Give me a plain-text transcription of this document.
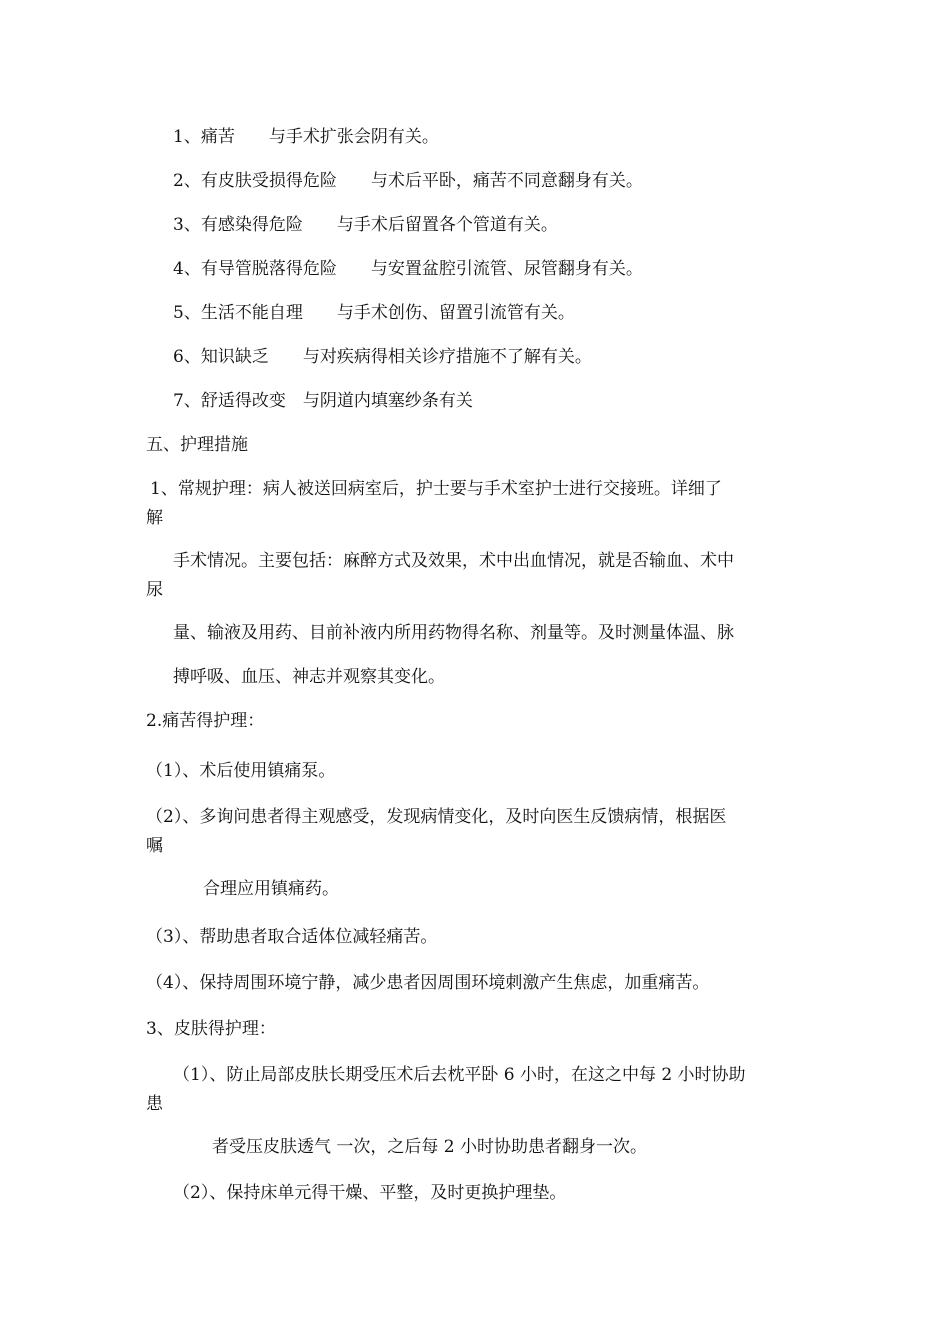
1、痛苦　　与手术扩张会阴有关。

2、有皮肤受损得危险　　与术后平卧，痛苦不同意翻身有关。

3、有感染得危险　　与手术后留置各个管道有关。

4、有导管脱落得危险　　与安置盆腔引流管、尿管翻身有关。

5、生活不能自理　　与手术创伤、留置引流管有关。

6、知识缺乏　　与对疾病得相关诊疗措施不了解有关。

7、舒适得改变　与阴道内填塞纱条有关

五、护理措施

1、常规护理：病人被送回病室后，护士要与手术室护士进行交接班。详细了

解

手术情况。主要包括：麻醉方式及效果，术中出血情况，就是否输血、术中

尿

量、输液及用药、目前补液内所用药物得名称、剂量等。及时测量体温、脉

搏呼吸、血压、神志并观察其变化。

2.痛苦得护理：

（1）、术后使用镇痛泵。

（2）、多询问患者得主观感受，发现病情变化，及时向医生反馈病情，根据医

嘱

合理应用镇痛药。

（3）、帮助患者取合适体位减轻痛苦。

（4）、保持周围环境宁静，减少患者因周围环境刺激产生焦虑，加重痛苦。

3、皮肤得护理：

（1）、防止局部皮肤长期受压术后去枕平卧 6 小时，在这之中每 2 小时协助

患

者受压皮肤透气 一次，之后每 2 小时协助患者翻身一次。

（2）、保持床单元得干燥、平整，及时更换护理垫。
